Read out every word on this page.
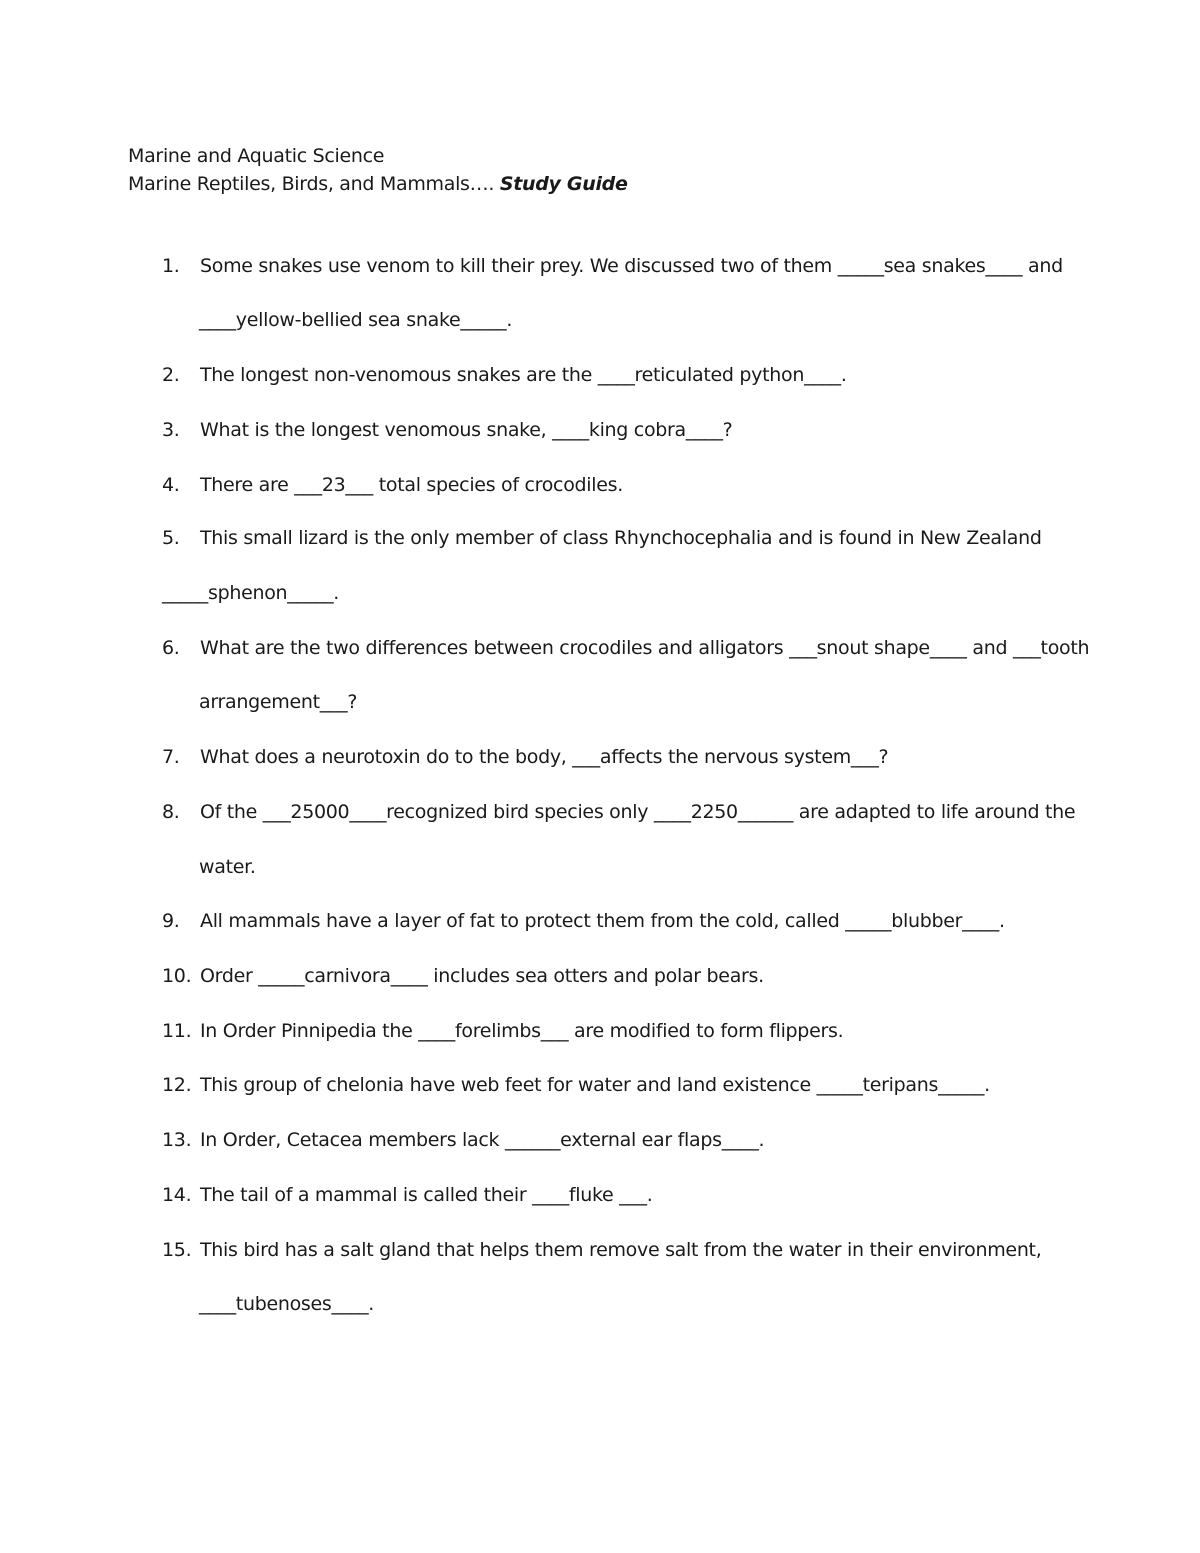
Marine and Aquatic Science
Marine Reptiles, Birds, and Mammals…. Study Guide
1.	Some snakes use venom to kill their prey. We discussed two of them _____sea snakes____ and
____yellow-bellied sea snake_____.
2.	The longest non-venomous snakes are the ____reticulated python____.
3.	What is the longest venomous snake, ____king cobra____?
4.	There are ___23___ total species of crocodiles.
5.	This small lizard is the only member of class Rhynchocephalia and is found in New Zealand
_____sphenon_____.
6.	What are the two differences between crocodiles and alligators ___snout shape____ and ___tooth
arrangement___?
7.	What does a neurotoxin do to the body, ___affects the nervous system___?
8.	Of the ___25000____recognized bird species only ____2250______ are adapted to life around the
water.
9.	All mammals have a layer of fat to protect them from the cold, called _____blubber____.
10. Order _____carnivora____ includes sea otters and polar bears.
11. In Order Pinnipedia the ____forelimbs___ are modified to form flippers.
12. This group of chelonia have web feet for water and land existence _____teripans_____.
13. In Order, Cetacea members lack ______external ear flaps____.
14. The tail of a mammal is called their ____fluke ___.
15. This bird has a salt gland that helps them remove salt from the water in their environment,
____tubenoses____.
